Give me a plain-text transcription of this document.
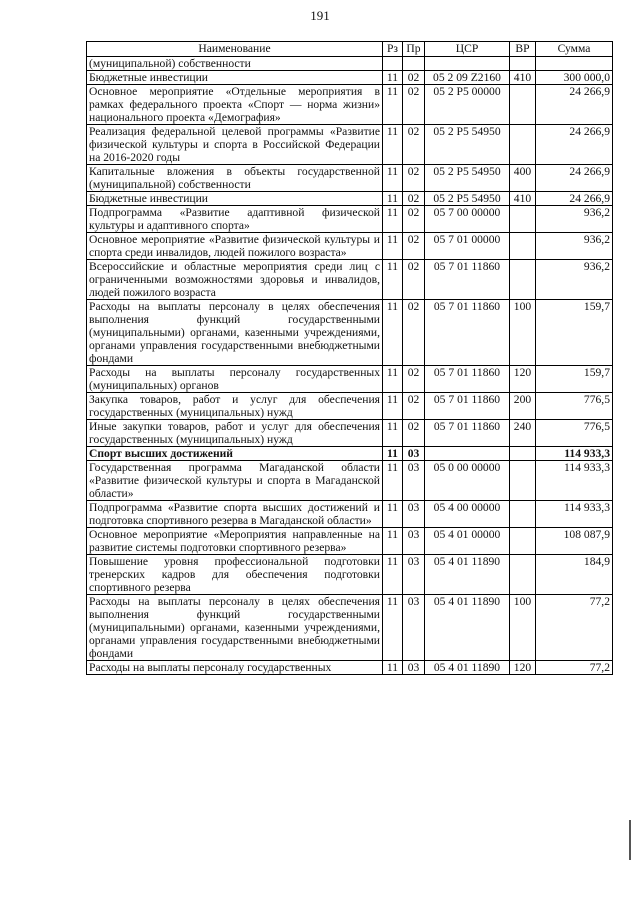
191
Наименование	Рз	Пр	ЦСР	ВР	Сумма
(муниципальной) собственности					
Бюджетные инвестиции	11	02	05 2 09 Z2160	410	300 000,0
Основное мероприятие «Отдельные мероприятия в рамках федерального проекта «Спорт — норма жизни» национального проекта «Демография»	11	02	05 2 P5 00000		24 266,9
Реализация федеральной целевой программы «Развитие физической культуры и спорта в Российской Федерации на 2016-2020 годы	11	02	05 2 P5 54950		24 266,9
Капитальные вложения в объекты государственной (муниципальной) собственности	11	02	05 2 P5 54950	400	24 266,9
Бюджетные инвестиции	11	02	05 2 P5 54950	410	24 266,9
Подпрограмма «Развитие адаптивной физической культуры и адаптивного спорта»	11	02	05 7 00 00000		936,2
Основное мероприятие «Развитие физической культуры и спорта среди инвалидов, людей пожилого возраста»	11	02	05 7 01 00000		936,2
Всероссийские и областные мероприятия среди лиц с ограниченными возможностями здоровья и инвалидов, людей пожилого возраста	11	02	05 7 01 11860		936,2
Расходы на выплаты персоналу в целях обеспечения выполнения функций государственными (муниципальными) органами, казенными учреждениями, органами управления государственными внебюджетными фондами	11	02	05 7 01 11860	100	159,7
Расходы на выплаты персоналу государственных (муниципальных) органов	11	02	05 7 01 11860	120	159,7
Закупка товаров, работ и услуг для обеспечения государственных (муниципальных) нужд	11	02	05 7 01 11860	200	776,5
Иные закупки товаров, работ и услуг для обеспечения государственных (муниципальных) нужд	11	02	05 7 01 11860	240	776,5
Спорт высших достижений	11	03			114 933,3
Государственная программа Магаданской области «Развитие физической культуры и спорта в Магаданской области»	11	03	05 0 00 00000		114 933,3
Подпрограмма «Развитие спорта высших достижений и подготовка спортивного резерва в Магаданской области»	11	03	05 4 00 00000		114 933,3
Основное мероприятие «Мероприятия направленные на развитие системы подготовки спортивного резерва»	11	03	05 4 01 00000		108 087,9
Повышение уровня профессиональной подготовки тренерских кадров для обеспечения подготовки спортивного резерва	11	03	05 4 01 11890		184,9
Расходы на выплаты персоналу в целях обеспечения выполнения функций государственными (муниципальными) органами, казенными учреждениями, органами управления государственными внебюджетными фондами	11	03	05 4 01 11890	100	77,2
Расходы на выплаты персоналу государственных	11	03	05 4 01 11890	120	77,2
